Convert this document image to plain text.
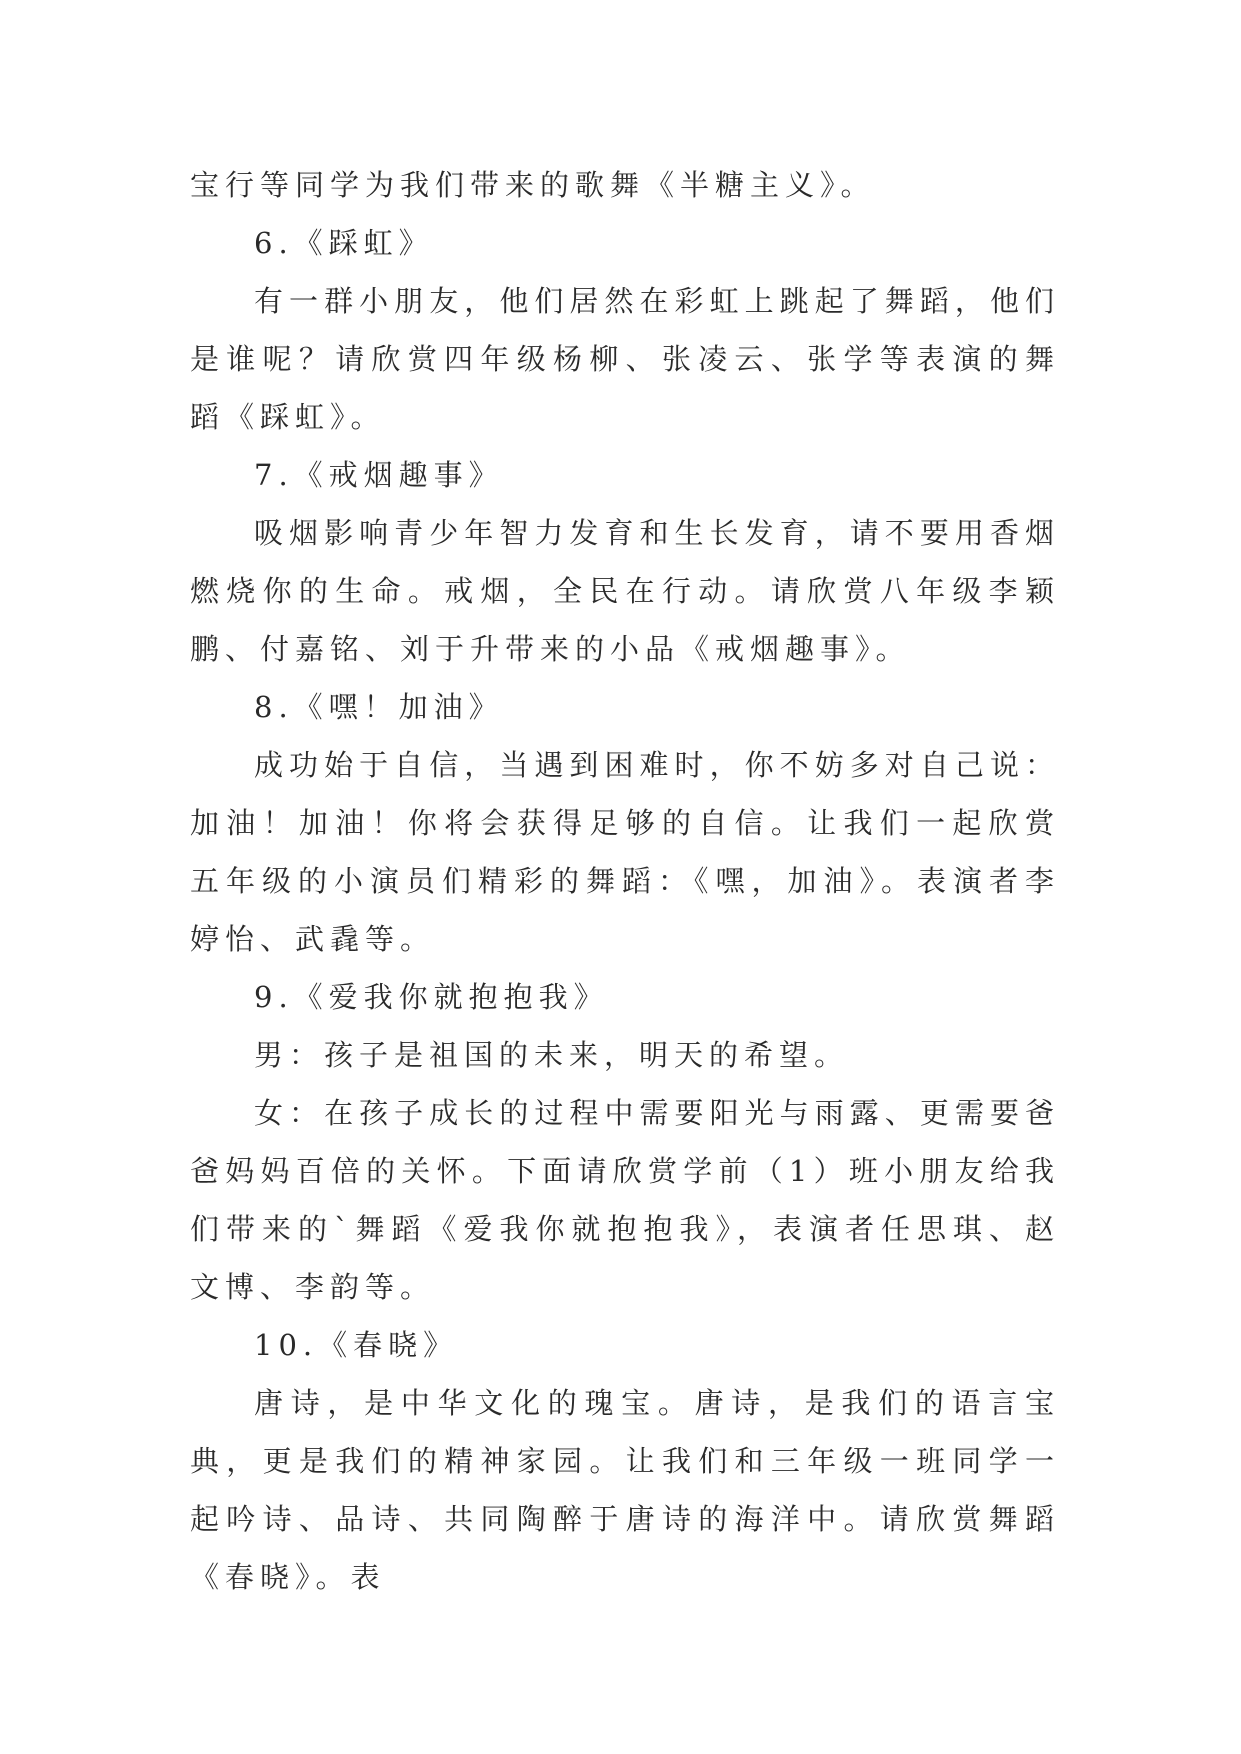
宝行等同学为我们带来的歌舞《半糖主义》。

6.《踩虹》

有一群小朋友，他们居然在彩虹上跳起了舞蹈，他们是谁呢？请欣赏四年级杨柳、张凌云、张学等表演的舞蹈《踩虹》。

7.《戒烟趣事》

吸烟影响青少年智力发育和生长发育，请不要用香烟燃烧你的生命。戒烟，全民在行动。请欣赏八年级李颖鹏、付嘉铭、刘于升带来的小品《戒烟趣事》。

8.《嘿！加油》

成功始于自信，当遇到困难时，你不妨多对自己说：加油！加油！你将会获得足够的自信。让我们一起欣赏五年级的小演员们精彩的舞蹈：《嘿，加油》。表演者李婷怡、武毳等。

9.《爱我你就抱抱我》

男：孩子是祖国的未来，明天的希望。

女：在孩子成长的过程中需要阳光与雨露、更需要爸爸妈妈百倍的关怀。下面请欣赏学前（1）班小朋友给我们带来的`舞蹈《爱我你就抱抱我》，表演者任思琪、赵文博、李韵等。

10.《春晓》

唐诗，是中华文化的瑰宝。唐诗，是我们的语言宝典，更是我们的精神家园。让我们和三年级一班同学一起吟诗、品诗、共同陶醉于唐诗的海洋中。请欣赏舞蹈《春晓》。表
